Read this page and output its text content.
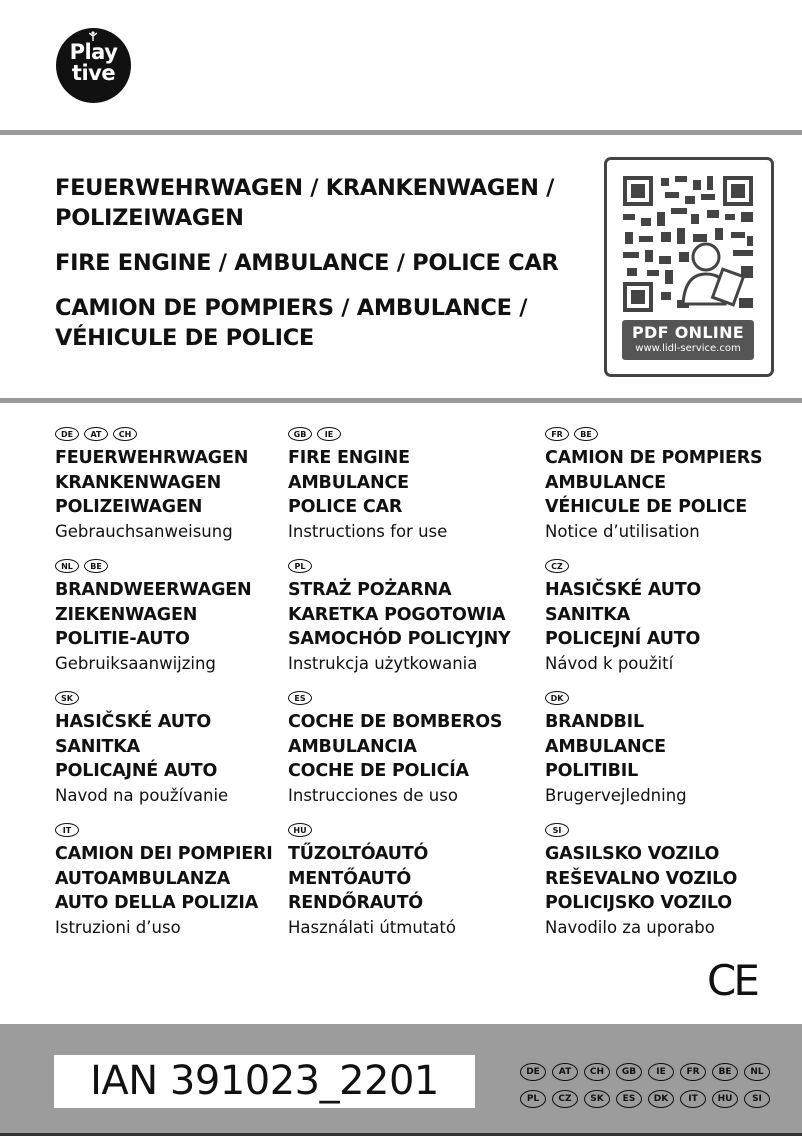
Play
tive
FEUERWEHRWAGEN / KRANKENWAGEN / POLIZEIWAGEN
FIRE ENGINE / AMBULANCE / POLICE CAR
CAMION DE POMPIERS / AMBULANCE / VÉHICULE DE POLICE	PDF ONLINE
www.lidl-service.com
DE	AT	CH
FEUERWEHRWAGEN
KRANKENWAGEN
POLIZEIWAGEN
Gebrauchsanweisung
GB	IE
FIRE ENGINE
AMBULANCE
POLICE CAR
Instructions for use
FR	BE
CAMION DE POMPIERS
AMBULANCE
VÉHICULE DE POLICE
Notice d’utilisation
NL	BE
BRANDWEERWAGEN
ZIEKENWAGEN
POLITIE-AUTO
Gebruiksaanwijzing
PL
STRAŻ POŻARNA
KARETKA POGOTOWIA
SAMOCHÓD POLICYJNY
Instrukcja użytkowania
CZ
HASIČSKÉ AUTO
SANITKA
POLICEJNÍ AUTO
Návod k použití
SK
HASIČSKÉ AUTO
SANITKA
POLICAJNÉ AUTO
Navod na používanie
ES
COCHE DE BOMBEROS
AMBULANCIA
COCHE DE POLICÍA
Instrucciones de uso
DK
BRANDBIL
AMBULANCE
POLITIBIL
Brugervejledning
IT
CAMION DEI POMPIERI
AUTOAMBULANZA
AUTO DELLA POLIZIA
Istruzioni d’uso
HU
TŰZOLTÓAUTÓ
MENTŐAUTÓ
RENDŐRAUTÓ
Használati útmutató
SI
GASILSKO VOZILO
REŠEVALNO VOZILO
POLICIJSKO VOZILO
Navodilo za uporabo
CE
IAN 391023_2201	DE	AT	CH	GB	IE	FR	BE	NL
PL	CZ	SK	ES	DK	IT	HU	SI
